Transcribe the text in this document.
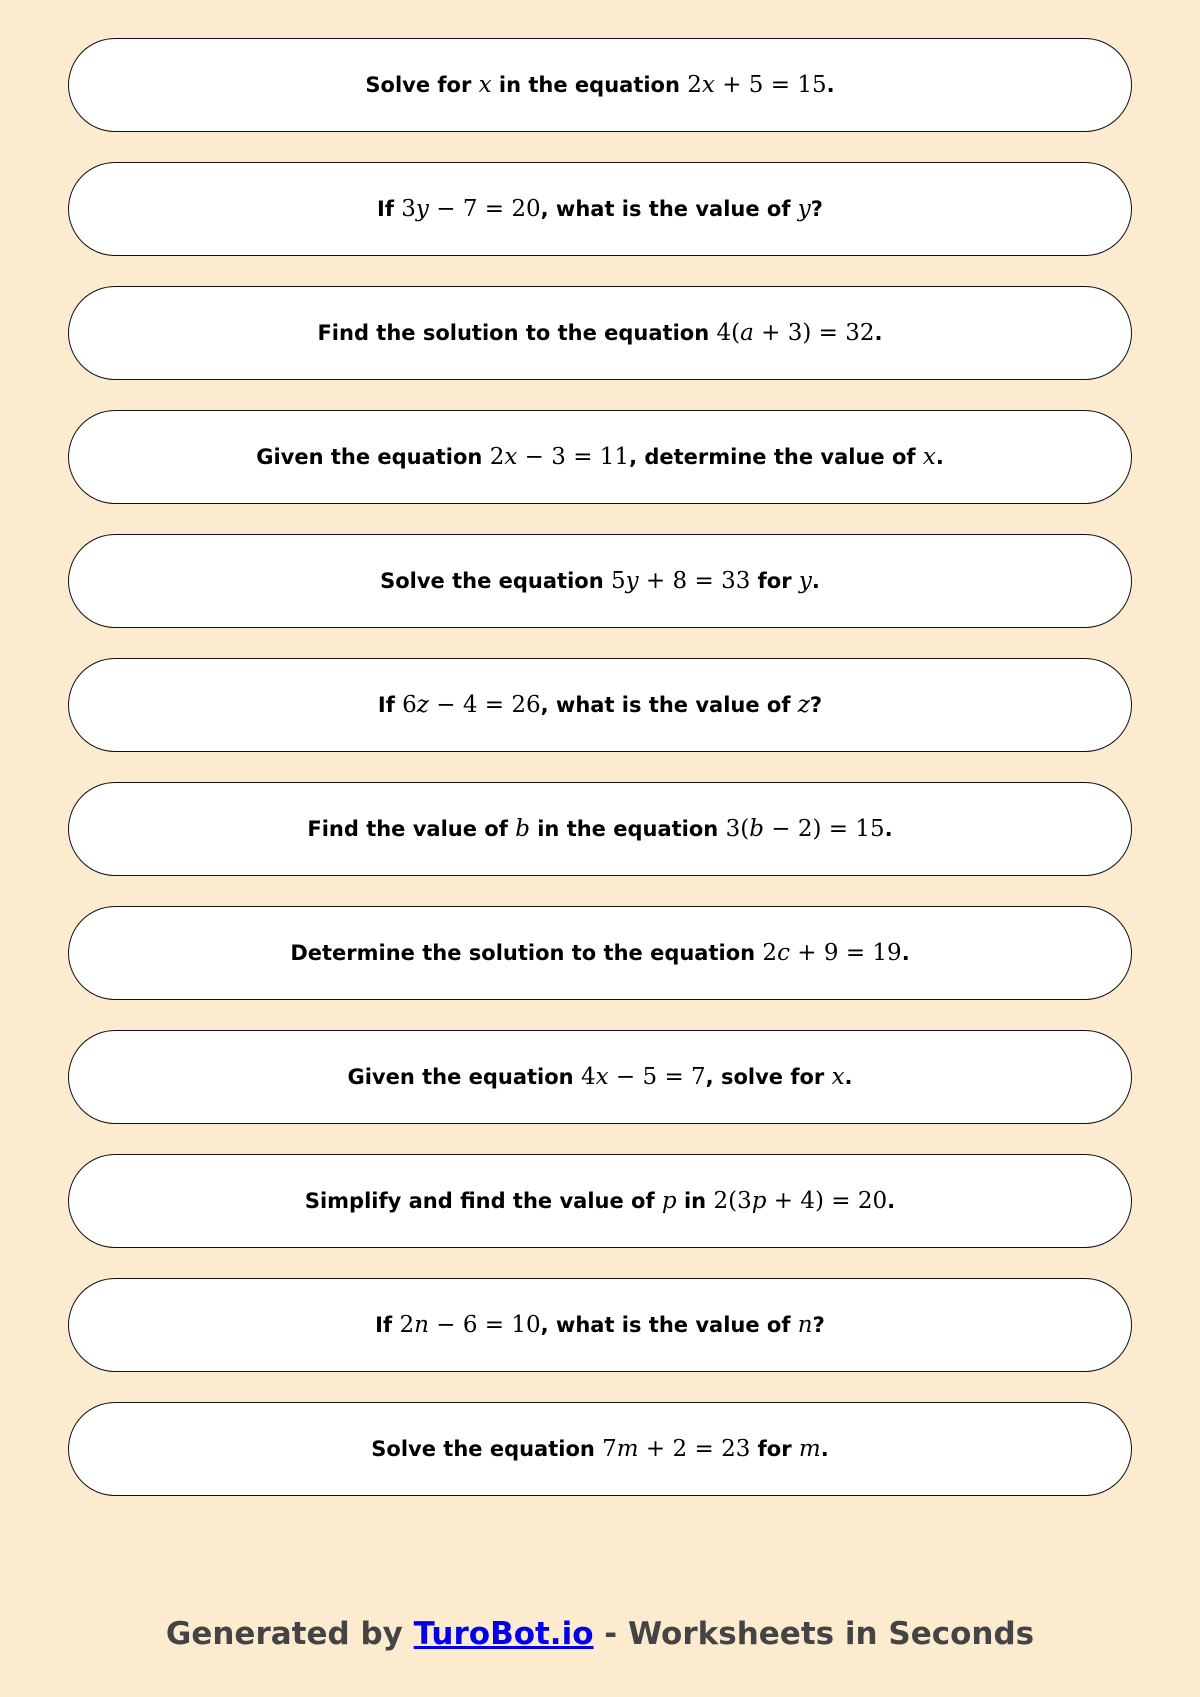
Solve for x in the equation 2x + 5 = 15.
If 3y − 7 = 20, what is the value of y?
Find the solution to the equation 4(a + 3) = 32.
Given the equation 2x − 3 = 11, determine the value of x.
Solve the equation 5y + 8 = 33 for y.
If 6z − 4 = 26, what is the value of z?
Find the value of b in the equation 3(b − 2) = 15.
Determine the solution to the equation 2c + 9 = 19.
Given the equation 4x − 5 = 7, solve for x.
Simplify and find the value of p in 2(3p + 4) = 20.
If 2n − 6 = 10, what is the value of n?
Solve the equation 7m + 2 = 23 for m.
Generated by TuroBot.io - Worksheets in Seconds
